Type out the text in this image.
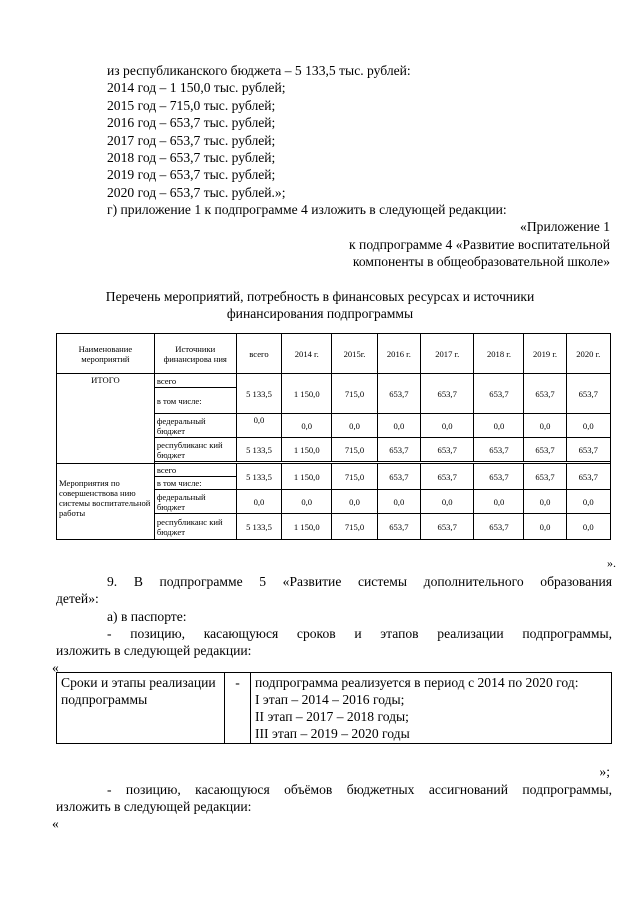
из республиканского бюджета – 5 133,5 тыс. рублей:
2014 год – 1 150,0 тыс. рублей;
2015 год – 715,0 тыс. рублей;
2016 год – 653,7 тыс. рублей;
2017 год – 653,7 тыс. рублей;
2018 год – 653,7 тыс. рублей;
2019 год – 653,7 тыс. рублей;
2020 год – 653,7 тыс. рублей.»;
г) приложение 1 к подпрограмме 4 изложить в следующей редакции:
«Приложение 1
к подпрограмме 4 «Развитие воспитательной
компоненты в общеобразовательной школе»
Перечень мероприятий, потребность в финансовых ресурсах и источники
финансирования подпрограммы
Наименование мероприятий	Источники финансирова ния	всего	2014 г.	2015г.	2016 г.	2017 г.	2018 г.	2019 г.	2020 г.
ИТОГО	всего	5 133,5	1 150,0	715,0	653,7	653,7	653,7	653,7	653,7
	в том числе:								
	федеральный бюджет	0,0	0,0	0,0	0,0	0,0	0,0	0,0	0,0
	республиканс кий бюджет	5 133,5	1 150,0	715,0	653,7	653,7	653,7	653,7	653,7

Мероприятия по совершенствова нию системы воспитательной работы	всего	5 133,5	1 150,0	715,0	653,7	653,7	653,7	653,7	653,7
	в том числе:								
	федеральный бюджет	0,0	0,0	0,0	0,0	0,0	0,0	0,0	0,0
	республиканс кий бюджет	5 133,5	1 150,0	715,0	653,7	653,7	653,7	0,0	0,0
».
9. В подпрограмме 5 «Развитие системы дополнительного образования
детей»:
а) в паспорте:
- позицию, касающуюся сроков и этапов реализации подпрограммы,
изложить в следующей редакции:
«
Сроки и этапы реализации подпрограммы	-	подпрограмма реализуется в период с 2014 по 2020 год:
I этап – 2014 – 2016 годы;
II этап – 2017 – 2018 годы;
III этап – 2019 – 2020 годы
»;
- позицию, касающуюся объёмов бюджетных ассигнований подпрограммы,
изложить в следующей редакции:
«
